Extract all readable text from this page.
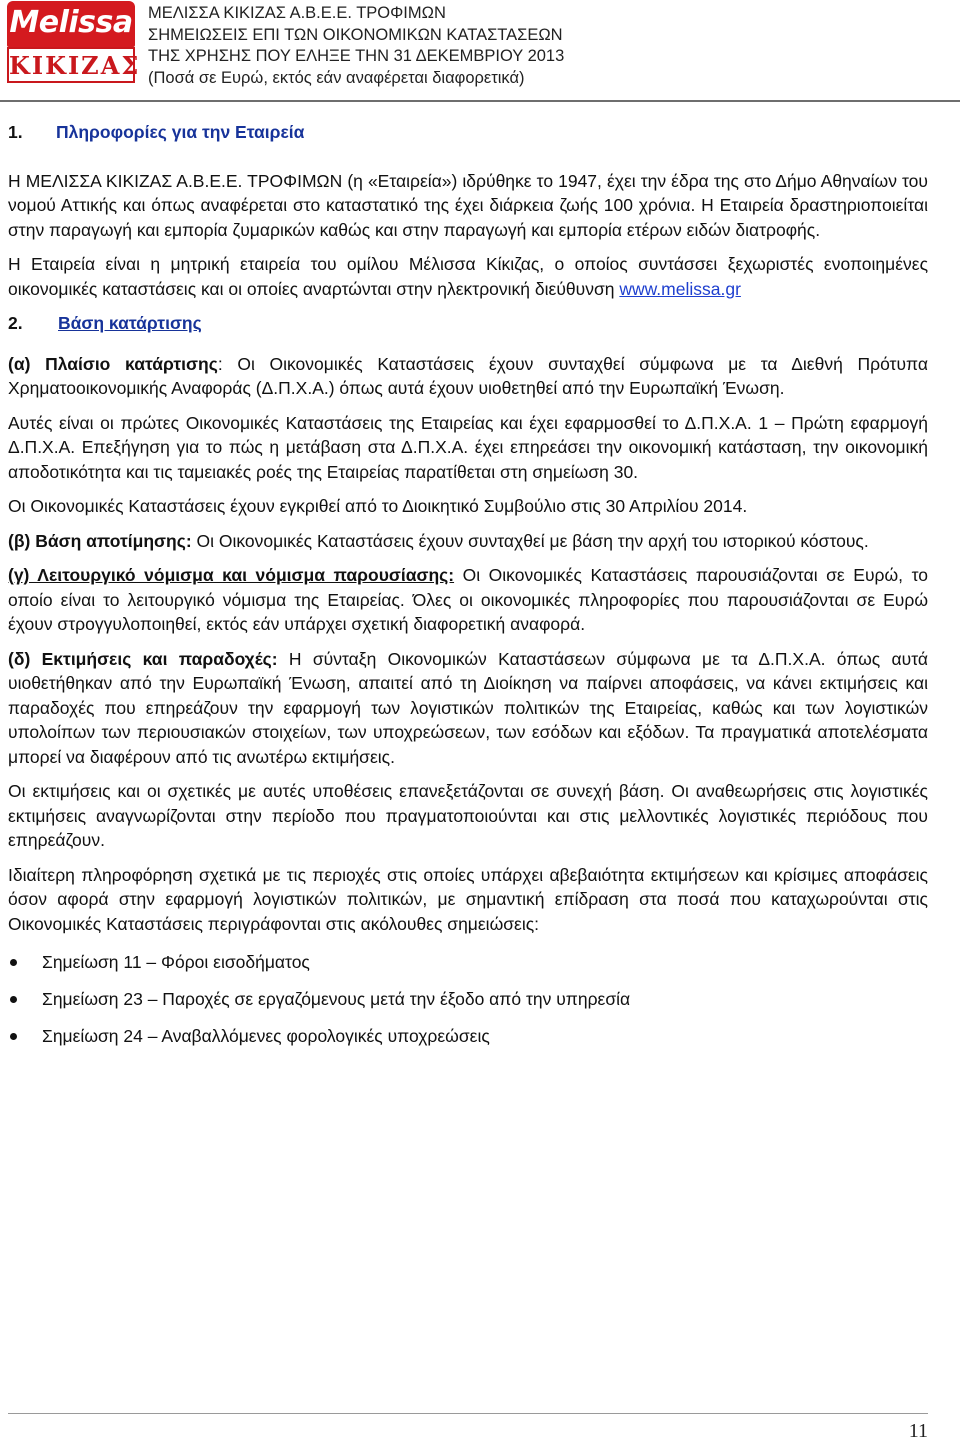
Melissa
ΚΙΚΙΖΑΣ
ΜΕΛΙΣΣΑ ΚΙΚΙΖΑΣ Α.Β.Ε.Ε. ΤΡΟΦΙΜΩΝ
ΣΗΜΕΙΩΣΕΙΣ ΕΠΙ ΤΩΝ ΟΙΚΟΝΟΜΙΚΩΝ ΚΑΤΑΣΤΑΣΕΩΝ
ΤΗΣ ΧΡΗΣΗΣ ΠΟΥ ΕΛΗΞΕ ΤΗΝ 31 ΔΕΚΕΜΒΡΙΟΥ 2013
(Ποσά σε Ευρώ, εκτός εάν αναφέρεται διαφορετικά)
1. Πληροφορίες για την Εταιρεία

Η ΜΕΛΙΣΣΑ ΚΙΚΙΖΑΣ Α.Β.Ε.Ε. ΤΡΟΦΙΜΩΝ (η «Εταιρεία») ιδρύθηκε το 1947, έχει την έδρα της στο Δήμο Αθηναίων του νομού Αττικής και όπως αναφέρεται στο καταστατικό της έχει διάρκεια ζωής 100 χρόνια. Η Εταιρεία δραστηριοποιείται στην παραγωγή και εμπορία ζυμαρικών καθώς και στην παραγωγή και εμπορία ετέρων ειδών διατροφής.

Η Εταιρεία είναι η μητρική εταιρεία του ομίλου Μέλισσα Κίκιζας, ο οποίος συντάσσει ξεχωριστές ενοποιημένες οικονομικές καταστάσεις και οι οποίες αναρτώνται στην ηλεκτρονική διεύθυνση www.melissa.gr

2. Βάση κατάρτισης

(α) Πλαίσιο κατάρτισης: Οι Οικονομικές Καταστάσεις έχουν συνταχθεί σύμφωνα με τα Διεθνή Πρότυπα Χρηματοοικονομικής Αναφοράς (Δ.Π.Χ.Α.) όπως αυτά έχουν υιοθετηθεί από την Ευρωπαϊκή Ένωση.

Αυτές είναι οι πρώτες Οικονομικές Καταστάσεις της Εταιρείας και έχει εφαρμοσθεί το Δ.Π.Χ.Α. 1 – Πρώτη εφαρμογή Δ.Π.Χ.Α. Επεξήγηση για το πώς η μετάβαση στα Δ.Π.Χ.Α. έχει επηρεάσει την οικονομική κατάσταση, την οικονομική αποδοτικότητα και τις ταμειακές ροές της Εταιρείας παρατίθεται στη σημείωση 30.

Οι Οικονομικές Καταστάσεις έχουν εγκριθεί από το Διοικητικό Συμβούλιο στις 30 Απριλίου 2014.

(β) Βάση αποτίμησης: Οι Οικονομικές Καταστάσεις έχουν συνταχθεί με βάση την αρχή του ιστορικού κόστους.

(γ) Λειτουργικό νόμισμα και νόμισμα παρουσίασης: Οι Οικονομικές Καταστάσεις παρουσιάζονται σε Ευρώ, το οποίο είναι το λειτουργικό νόμισμα της Εταιρείας. Όλες οι οικονομικές πληροφορίες που παρουσιάζονται σε Ευρώ έχουν στρογγυλοποιηθεί, εκτός εάν υπάρχει σχετική διαφορετική αναφορά.

(δ) Εκτιμήσεις και παραδοχές: Η σύνταξη Οικονομικών Καταστάσεων σύμφωνα με τα Δ.Π.Χ.Α. όπως αυτά υιοθετήθηκαν από την Ευρωπαϊκή Ένωση, απαιτεί από τη Διοίκηση να παίρνει αποφάσεις, να κάνει εκτιμήσεις και παραδοχές που επηρεάζουν την εφαρμογή των λογιστικών πολιτικών της Εταιρείας, καθώς και των λογιστικών υπολοίπων των περιουσιακών στοιχείων, των υποχρεώσεων, των εσόδων και εξόδων. Τα πραγματικά αποτελέσματα μπορεί να διαφέρουν από τις ανωτέρω εκτιμήσεις.

Οι εκτιμήσεις και οι σχετικές με αυτές υποθέσεις επανεξετάζονται σε συνεχή βάση. Οι αναθεωρήσεις στις λογιστικές εκτιμήσεις αναγνωρίζονται στην περίοδο που πραγματοποιούνται και στις μελλοντικές λογιστικές περιόδους που επηρεάζουν.

Ιδιαίτερη πληροφόρηση σχετικά με τις περιοχές στις οποίες υπάρχει αβεβαιότητα εκτιμήσεων και κρίσιμες αποφάσεις όσον αφορά στην εφαρμογή λογιστικών πολιτικών, με σημαντική επίδραση στα ποσά που καταχωρούνται στις Οικονομικές Καταστάσεις περιγράφονται στις ακόλουθες σημειώσεις:

Σημείωση 11 – Φόροι εισοδήματος
Σημείωση 23 – Παροχές σε εργαζόμενους μετά την έξοδο από την υπηρεσία
Σημείωση 24 – Αναβαλλόμενες φορολογικές υποχρεώσεις
11
